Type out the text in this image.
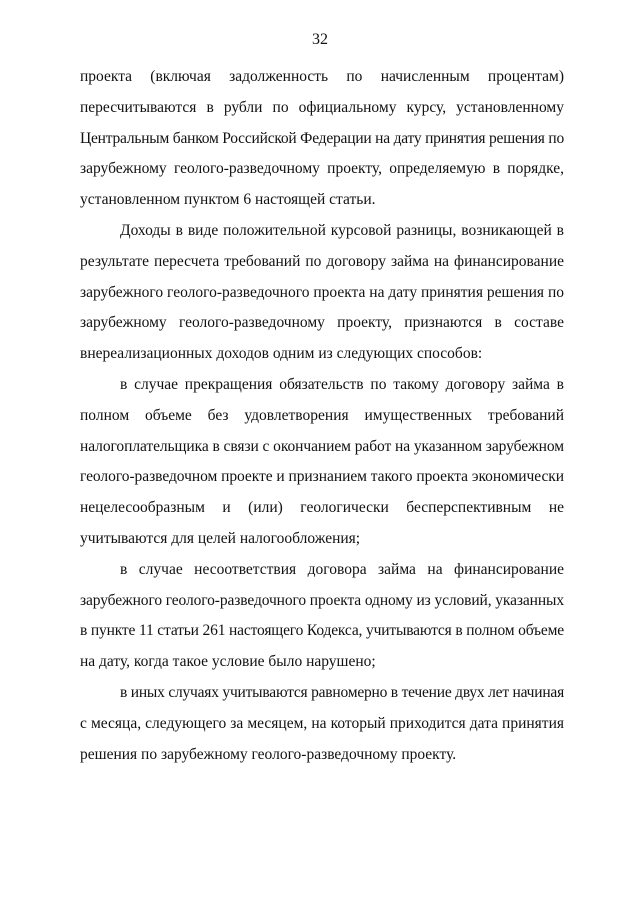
32
проекта (включая задолженность по начисленным процентам)
пересчитываются в рубли по официальному курсу, установленному
Центральным банком Российской Федерации на дату принятия решения по
зарубежному геолого-разведочному проекту, определяемую в порядке,
установленном пунктом 6 настоящей статьи.
Доходы в виде положительной курсовой разницы, возникающей в
результате пересчета требований по договору займа на финансирование
зарубежного геолого-разведочного проекта на дату принятия решения по
зарубежному геолого-разведочному проекту, признаются в составе
внереализационных доходов одним из следующих способов:
в случае прекращения обязательств по такому договору займа в
полном объеме без удовлетворения имущественных требований
налогоплательщика в связи с окончанием работ на указанном зарубежном
геолого-разведочном проекте и признанием такого проекта экономически
нецелесообразным и (или) геологически бесперспективным не
учитываются для целей налогообложения;
в случае несоответствия договора займа на финансирование
зарубежного геолого-разведочного проекта одному из условий, указанных
в пункте 11 статьи 261 настоящего Кодекса, учитываются в полном объеме
на дату, когда такое условие было нарушено;
в иных случаях учитываются равномерно в течение двух лет начиная
с месяца, следующего за месяцем, на который приходится дата принятия
решения по зарубежному геолого-разведочному проекту.
